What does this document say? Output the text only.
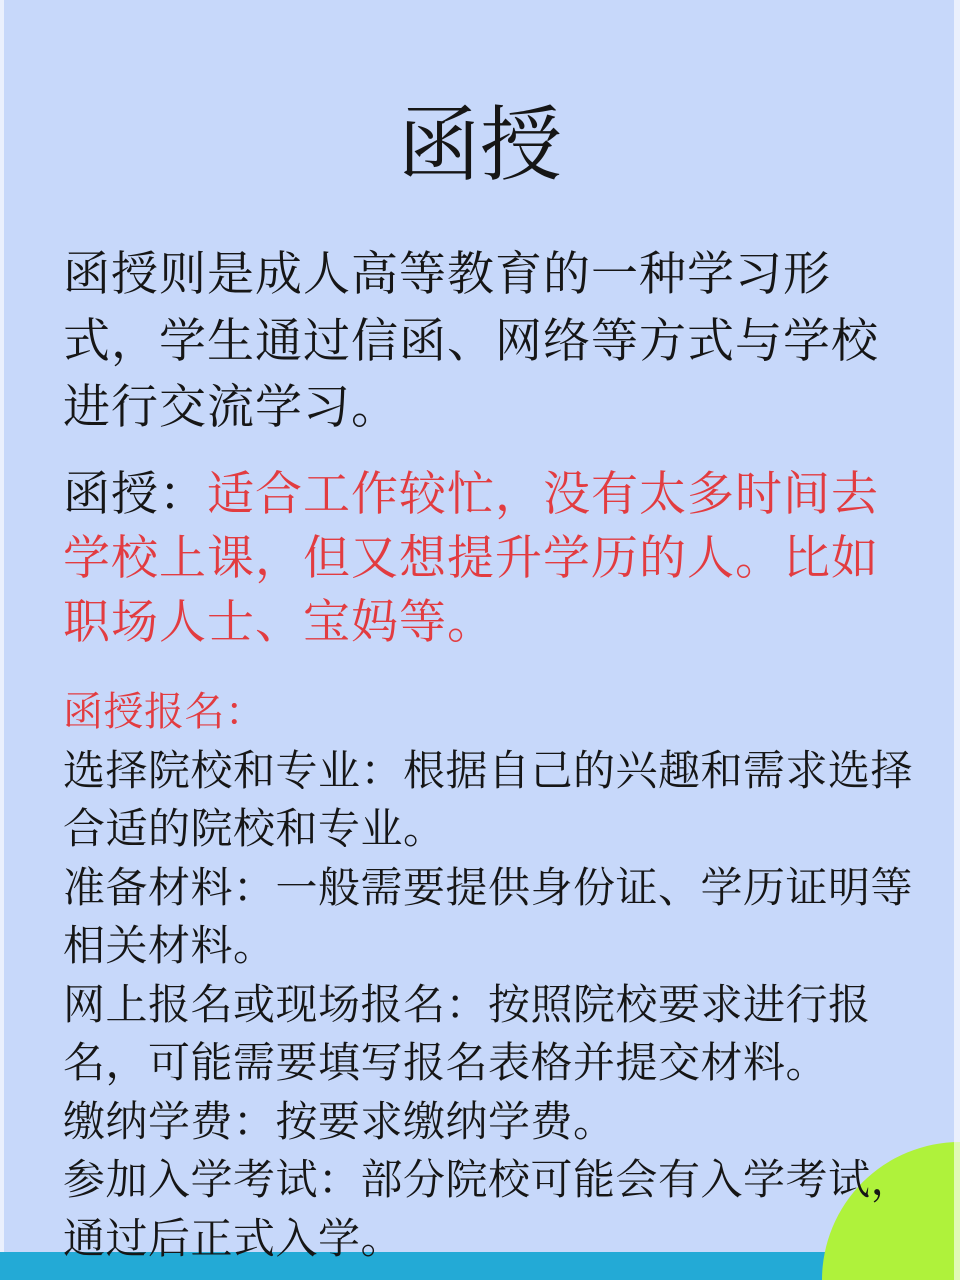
函授
函授则是成人高等教育的一种学习形
式，学生通过信函、网络等方式与学校
进行交流学习。
函授：适合工作较忙，没有太多时间去
学校上课，但又想提升学历的人。比如
职场人士、宝妈等。
函授报名：
选择院校和专业：根据自己的兴趣和需求选择
合适的院校和专业。
准备材料：一般需要提供身份证、学历证明等
相关材料。
网上报名或现场报名：按照院校要求进行报
名，可能需要填写报名表格并提交材料。
缴纳学费：按要求缴纳学费。
参加入学考试：部分院校可能会有入学考试，
通过后正式入学。
